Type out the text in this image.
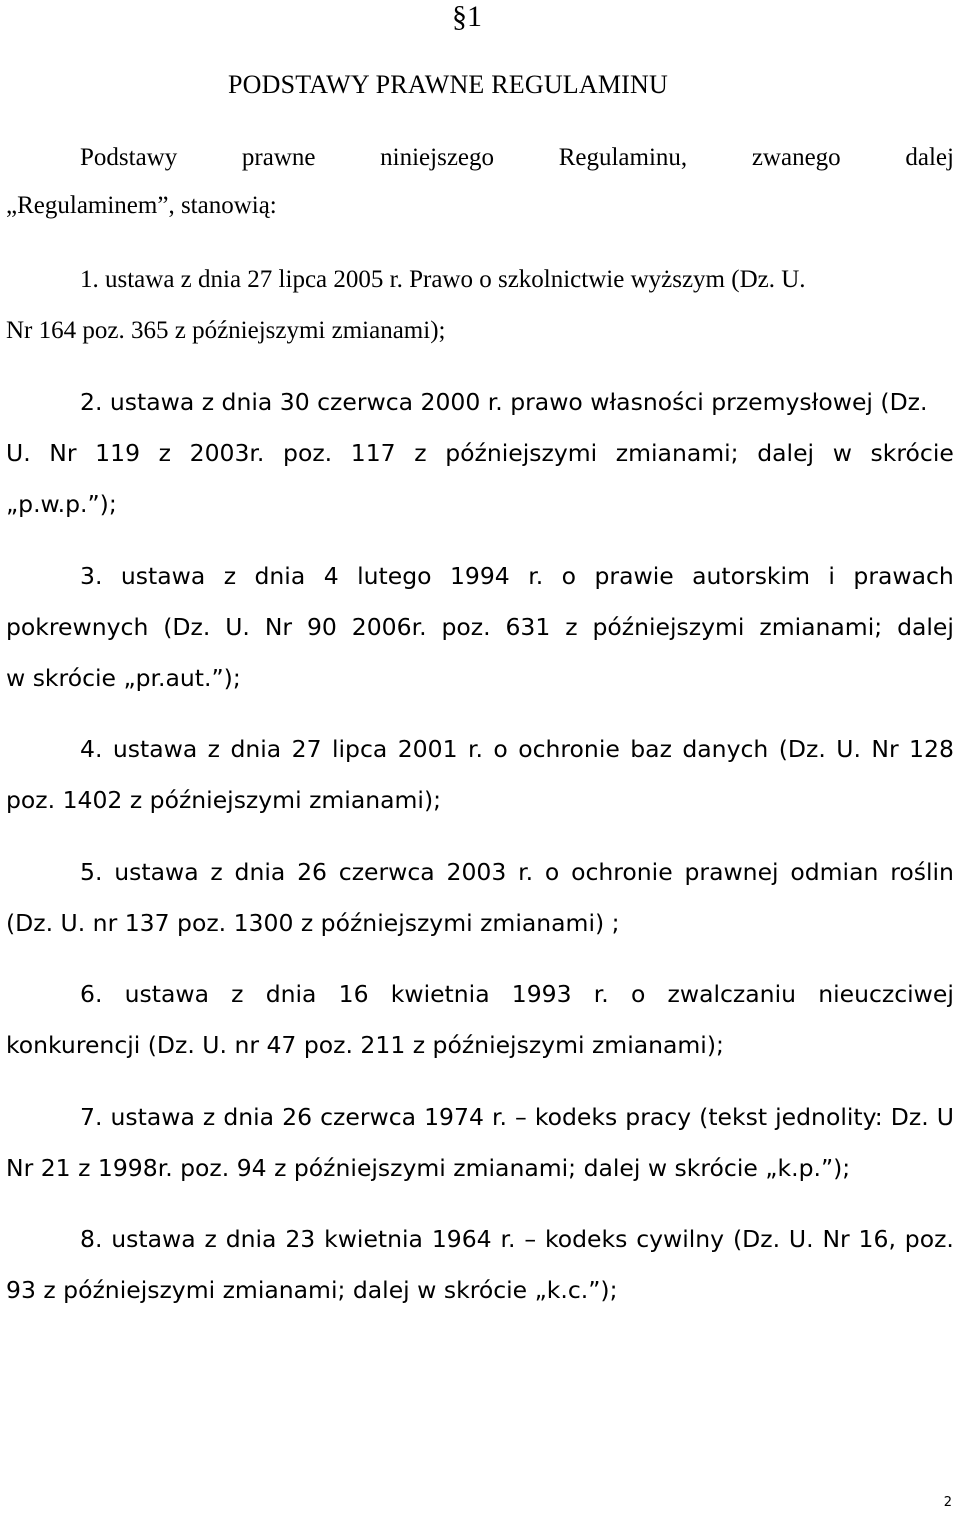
§1
PODSTAWY PRAWNE REGULAMINU
Podstawy	prawne	niniejszego	Regulaminu,	zwanego	dalej
„Regulaminem”, stanowią:
1. ustawa z dnia 27 lipca 2005 r. Prawo o szkolnictwie wyższym (Dz. U.
Nr 164 poz. 365 z późniejszymi zmianami);
2. ustawa z dnia 30 czerwca 2000 r. prawo własności przemysłowej (Dz.
U. Nr 119 z 2003r. poz. 117 z późniejszymi zmianami; dalej w skrócie
„p.w.p.”);
3. ustawa z dnia 4 lutego 1994 r. o prawie autorskim i prawach
pokrewnych (Dz. U. Nr 90 2006r. poz. 631 z późniejszymi zmianami; dalej
w skrócie „pr.aut.”);
4. ustawa z dnia 27 lipca 2001 r. o ochronie baz danych (Dz. U. Nr 128
poz. 1402 z późniejszymi zmianami);
5. ustawa z dnia 26 czerwca 2003 r. o ochronie prawnej odmian roślin
(Dz. U. nr 137 poz. 1300 z późniejszymi zmianami) ;
6. ustawa z dnia 16 kwietnia 1993 r. o zwalczaniu nieuczciwej
konkurencji (Dz. U. nr 47 poz. 211 z późniejszymi zmianami);
7. ustawa z dnia 26 czerwca 1974 r. – kodeks pracy (tekst jednolity: Dz. U
Nr 21 z 1998r. poz. 94 z późniejszymi zmianami; dalej w skrócie „k.p.”);
8. ustawa z dnia 23 kwietnia 1964 r. – kodeks cywilny (Dz. U. Nr 16, poz.
93 z późniejszymi zmianami; dalej w skrócie „k.c.”);
2
